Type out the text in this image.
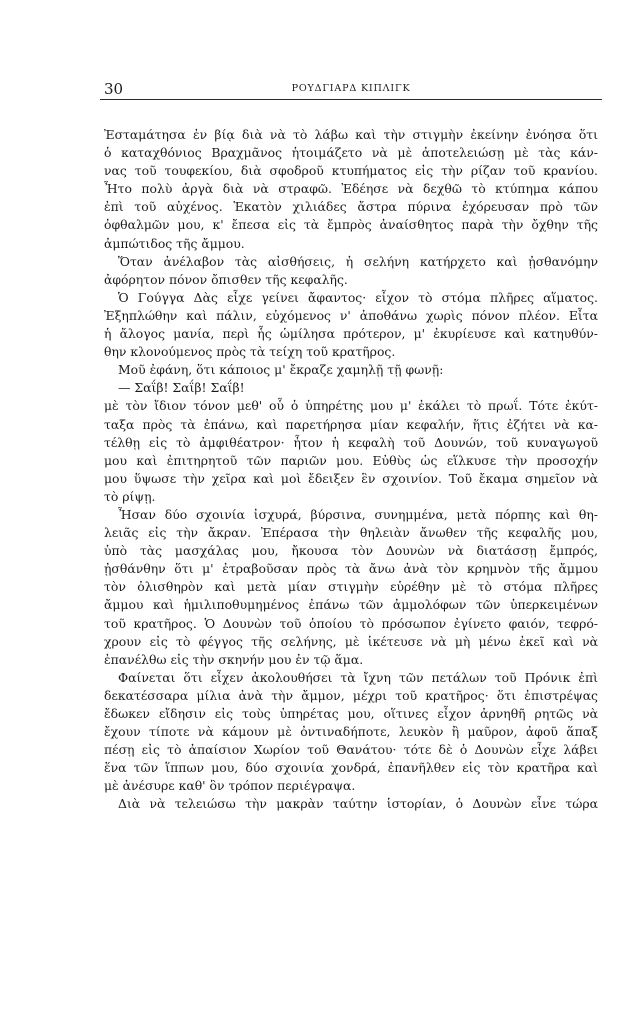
30	ΡΟΥΔΓΙΑΡΔ ΚΙΠΛΙΓΚ
Ἐσταμάτησα ἐν βίᾳ διὰ νὰ τὸ λάβω καὶ τὴν στιγμὴν ἐκείνην ἐνόησα ὅτι
ὁ καταχθόνιος Βραχμᾶνος ἡτοιμάζετο νὰ μὲ ἀποτελειώσῃ μὲ τὰς κάν-
νας τοῦ τουφεκίου, διὰ σφοδροῦ κτυπήματος εἰς τὴν ρίζαν τοῦ κρανίου.
Ἦτο πολὺ ἀργὰ διὰ νὰ στραφῶ. Ἐδέησε νὰ δεχθῶ τὸ κτύπημα κάπου
ἐπὶ τοῦ αὐχένος. Ἑκατὸν χιλιάδες ἄστρα πύρινα ἐχόρευσαν πρὸ τῶν
ὀφθαλμῶν μου, κ' ἔπεσα εἰς τὰ ἔμπρὸς ἀναίσθητος παρὰ τὴν ὄχθην τῆς
ἀμπώτιδος τῆς ἄμμου.
Ὅταν ἀνέλαβον τὰς αἰσθήσεις, ἡ σελήνη κατήρχετο καὶ ᾐσθανόμην
ἀφόρητον πόνον ὄπισθεν τῆς κεφαλῆς.
Ὁ Γούγγα Δὰς εἶχε γείνει ἄφαντος· εἶχον τὸ στόμα πλῆρες αἵματος.
Ἐξηπλώθην καὶ πάλιν, εὐχόμενος ν' ἀποθάνω χωρὶς πόνον πλέον. Εἶτα
ἡ ἄλογος μανία, περὶ ἧς ὡμίλησα πρότερον, μ' ἐκυρίευσε καὶ κατηυθύν-
θην κλονούμενος πρὸς τὰ τείχη τοῦ κρατῆρος.
Μοῦ ἐφάνη, ὅτι κάποιος μ' ἔκραζε χαμηλῇ τῇ φωνῇ:
— Σαΐβ! Σαΐβ! Σαΐβ!
μὲ τὸν ἴδιον τόνον μεθ' οὗ ὁ ὑπηρέτης μου μ' ἐκάλει τὸ πρωΐ. Τότε ἐκύτ-
ταξα πρὸς τὰ ἐπάνω, καὶ παρετήρησα μίαν κεφαλήν, ἥτις ἐζήτει νὰ κα-
τέλθῃ εἰς τὸ ἀμφιθέατρον· ἦτον ἡ κεφαλὴ τοῦ Δουνών, τοῦ κυναγωγοῦ
μου καὶ ἐπιτηρητοῦ τῶν παριῶν μου. Εὐθὺς ὡς εἵλκυσε τὴν προσοχήν
μου ὕψωσε τὴν χεῖρα καὶ μοὶ ἔδειξεν ἓν σχοινίον. Τοῦ ἔκαμα σημεῖον νὰ
τὸ ρίψῃ.
Ἦσαν δύο σχοινία ἰσχυρά, βύρσινα, συνημμένα, μετὰ πόρπης καὶ θη-
λειᾶς εἰς τὴν ἄκραν. Ἐπέρασα τὴν θηλειὰν ἄνωθεν τῆς κεφαλῆς μου,
ὑπὸ τὰς μασχάλας μου, ἤκουσα τὸν Δουνὼν νὰ διατάσσῃ ἔμπρός,
ᾐσθάνθην ὅτι μ' ἐτραβοῦσαν πρὸς τὰ ἄνω ἀνὰ τὸν κρημνὸν τῆς ἄμμου
τὸν ὀλισθηρὸν καὶ μετὰ μίαν στιγμὴν εὑρέθην μὲ τὸ στόμα πλῆρες
ἄμμου καὶ ἡμιλιποθυμημένος ἐπάνω τῶν ἀμμολόφων τῶν ὑπερκειμένων
τοῦ κρατῆρος. Ὁ Δουνὼν τοῦ ὁποίου τὸ πρόσωπον ἐγίνετο φαιόν, τεφρό-
χρουν εἰς τὸ φέγγος τῆς σελήνης, μὲ ἱκέτευσε νὰ μὴ μένω ἐκεῖ καὶ νὰ
ἐπανέλθω εἰς τὴν σκηνήν μου ἐν τῷ ἅμα.
Φαίνεται ὅτι εἶχεν ἀκολουθήσει τὰ ἴχνη τῶν πετάλων τοῦ Πρόνικ ἐπὶ
δεκατέσσαρα μίλια ἀνὰ τὴν ἄμμον, μέχρι τοῦ κρατῆρος· ὅτι ἐπιστρέψας
ἔδωκεν εἴδησιν εἰς τοὺς ὑπηρέτας μου, οἵτινες εἶχον ἀρνηθῆ ρητῶς νὰ
ἔχουν τίποτε νὰ κάμουν μὲ ὀντιναδήποτε, λευκὸν ἢ μαῦρον, ἀφοῦ ἅπαξ
πέσῃ εἰς τὸ ἀπαίσιον Χωρίον τοῦ Θανάτου· τότε δὲ ὁ Δουνὼν εἶχε λάβει
ἕνα τῶν ἵππων μου, δύο σχοινία χονδρά, ἐπανῆλθεν εἰς τὸν κρατῆρα καὶ
μὲ ἀνέσυρε καθ' ὃν τρόπον περιέγραψα.
Διὰ νὰ τελειώσω τὴν μακρὰν ταύτην ἱστορίαν, ὁ Δουνὼν εἶνε τώρα
